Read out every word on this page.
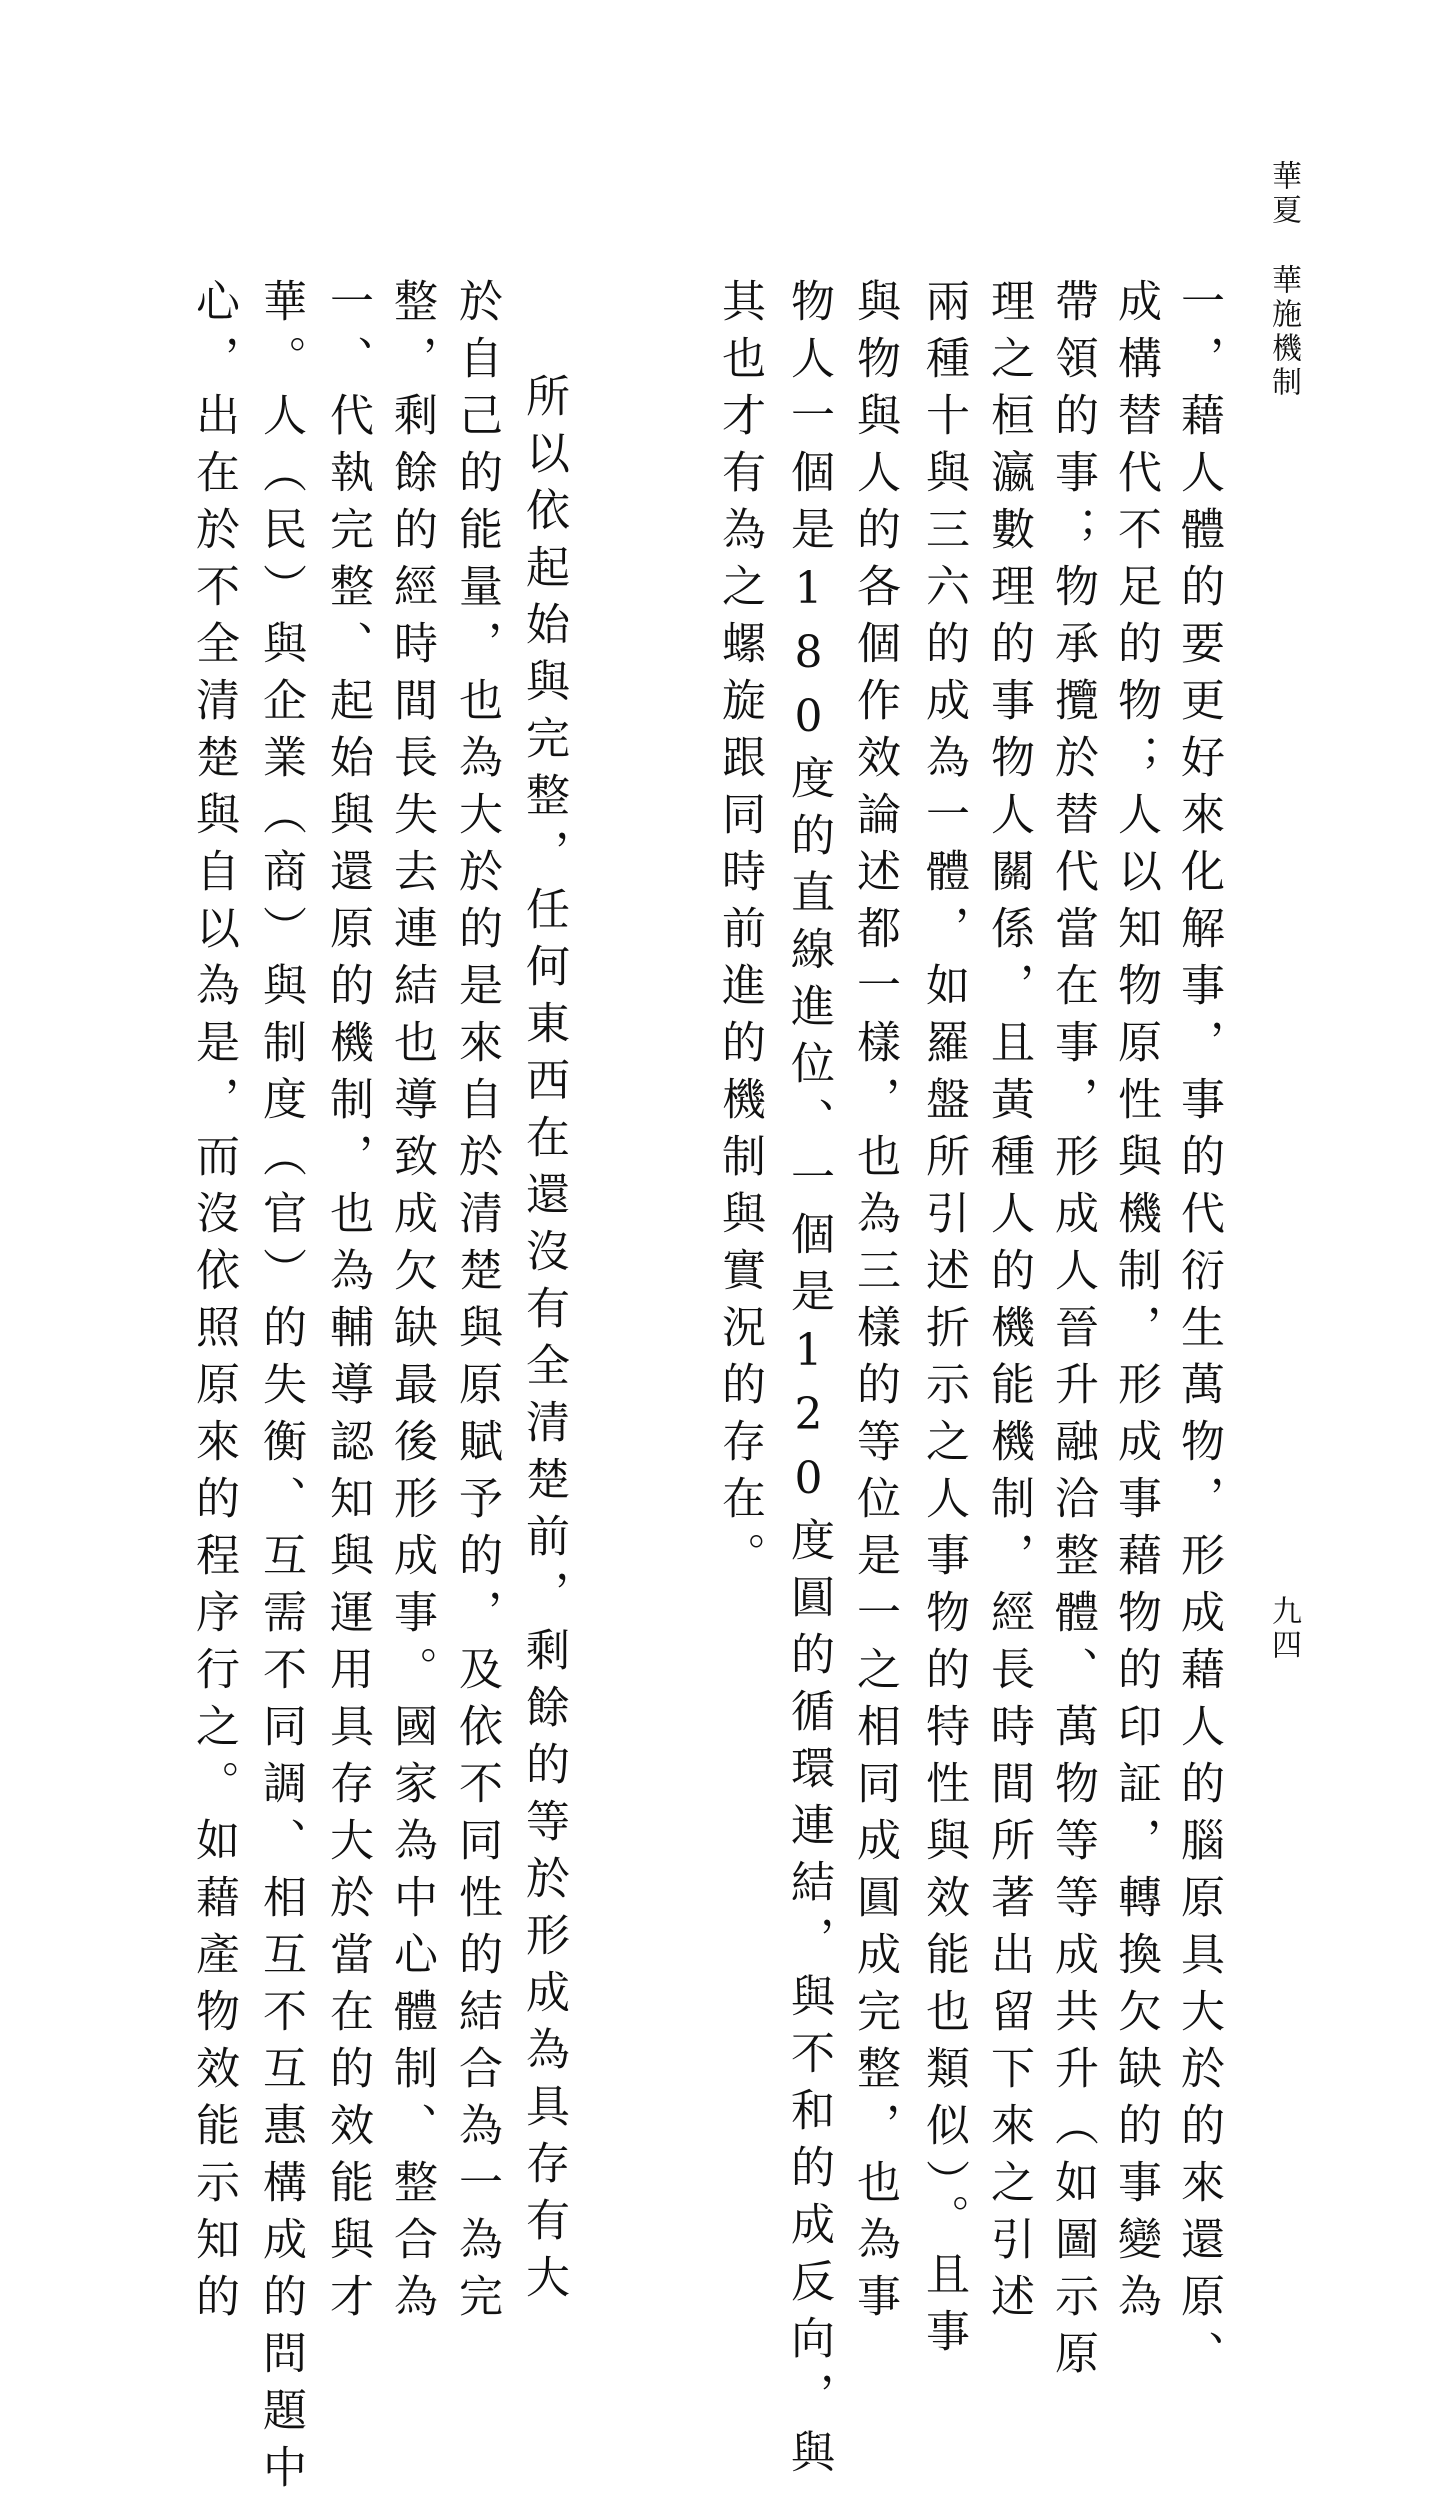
華夏華施機制
九四
一，藉人體的要更好來化解事，事的代衍生萬物，形成藉人的腦原具大於的來還原、
成構替代不足的物；人以知物原性與機制，形成事藉物的印証，轉換欠缺的事變為
帶領的事；物承攬於替代當在事，形成人晉升融洽整體、萬物等等成共升（如圖示原
理之桓瀛數理的事物人關係，且黃種人的機能機制，經長時間所著出留下來之引述
兩種十與三六的成為一體，如羅盤所引述折示之人事物的特性與效能也類似）。且事
與物與人的各個作效論述都一樣，也為三樣的等位是一之相同成圓成完整，也為事
物人一個是180度的直線進位、一個是120度圓的循環連結，與不和的成反向，與
其也才有為之螺旋跟同時前進的機制與實況的存在。
所以依起始與完整，任何東西在還沒有全清楚前，剩餘的等於形成為具存有大
於自己的能量，也為大於的是來自於清楚與原賦予的，及依不同性的結合為一為完
整，剩餘的經時間長失去連結也導致成欠缺最後形成事。國家為中心體制、整合為
一、代執完整、起始與還原的機制，也為輔導認知與運用具存大於當在的效能與才
華。人（民）與企業（商）與制度（官）的失衡、互需不同調、相互不互惠構成的問題中
心，出在於不全清楚與自以為是，而沒依照原來的程序行之。如藉產物效能示知的
